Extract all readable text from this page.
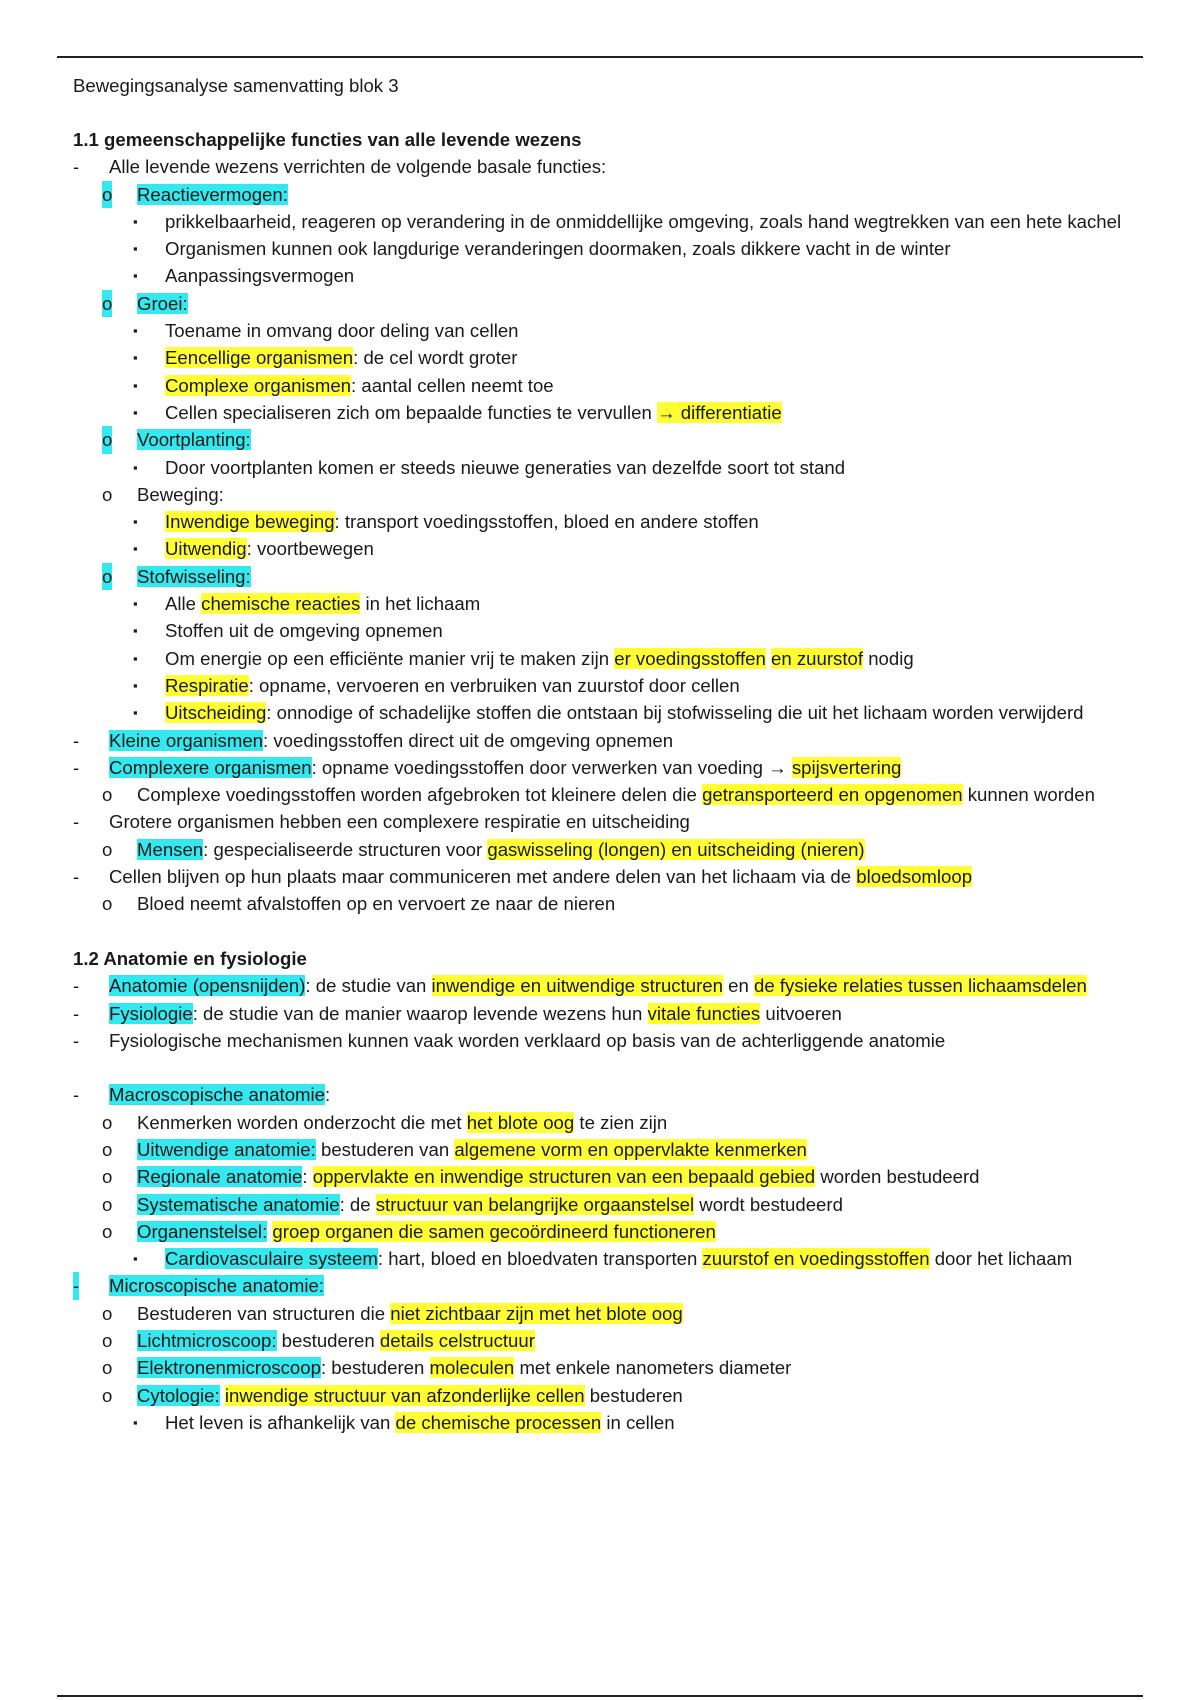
Bewegingsanalyse samenvatting blok 3
1.1 gemeenschappelijke functies van alle levende wezens
- Alle levende wezens verrichten de volgende basale functies:
o Reactievermogen:
▪ prikkelbaarheid, reageren op verandering in de onmiddellijke omgeving, zoals hand wegtrekken van een hete kachel
▪ Organismen kunnen ook langdurige veranderingen doormaken, zoals dikkere vacht in de winter
▪ Aanpassingsvermogen
o Groei:
▪ Toename in omvang door deling van cellen
▪ Eencellige organismen: de cel wordt groter
▪ Complexe organismen: aantal cellen neemt toe
▪ Cellen specialiseren zich om bepaalde functies te vervullen → differentiatie
o Voortplanting:
▪ Door voortplanten komen er steeds nieuwe generaties van dezelfde soort tot stand
o Beweging:
▪ Inwendige beweging: transport voedingsstoffen, bloed en andere stoffen
▪ Uitwendig: voortbewegen
o Stofwisseling:
▪ Alle chemische reacties in het lichaam
▪ Stoffen uit de omgeving opnemen
▪ Om energie op een efficiënte manier vrij te maken zijn er voedingsstoffen en zuurstof nodig
▪ Respiratie: opname, vervoeren en verbruiken van zuurstof door cellen
▪ Uitscheiding: onnodige of schadelijke stoffen die ontstaan bij stofwisseling die uit het lichaam worden verwijderd
- Kleine organismen: voedingsstoffen direct uit de omgeving opnemen
- Complexere organismen: opname voedingsstoffen door verwerken van voeding → spijsvertering
o Complexe voedingsstoffen worden afgebroken tot kleinere delen die getransporteerd en opgenomen kunnen worden
- Grotere organismen hebben een complexere respiratie en uitscheiding
o Mensen: gespecialiseerde structuren voor gaswisseling (longen) en uitscheiding (nieren)
- Cellen blijven op hun plaats maar communiceren met andere delen van het lichaam via de bloedsomloop
o Bloed neemt afvalstoffen op en vervoert ze naar de nieren
1.2 Anatomie en fysiologie
- Anatomie (opensnijden): de studie van inwendige en uitwendige structuren en de fysieke relaties tussen lichaamsdelen
- Fysiologie: de studie van de manier waarop levende wezens hun vitale functies uitvoeren
- Fysiologische mechanismen kunnen vaak worden verklaard op basis van de achterliggende anatomie
- Macroscopische anatomie:
o Kenmerken worden onderzocht die met het blote oog te zien zijn
o Uitwendige anatomie: bestuderen van algemene vorm en oppervlakte kenmerken
o Regionale anatomie: oppervlakte en inwendige structuren van een bepaald gebied worden bestudeerd
o Systematische anatomie: de structuur van belangrijke orgaanstelsel wordt bestudeerd
o Organenstelsel: groep organen die samen gecoördineerd functioneren
▪ Cardiovasculaire systeem: hart, bloed en bloedvaten transporten zuurstof en voedingsstoffen door het lichaam
- Microscopische anatomie:
o Bestuderen van structuren die niet zichtbaar zijn met het blote oog
o Lichtmicroscoop: bestuderen details celstructuur
o Elektronenmicroscoop: bestuderen moleculen met enkele nanometers diameter
o Cytologie: inwendige structuur van afzonderlijke cellen bestuderen
▪ Het leven is afhankelijk van de chemische processen in cellen
